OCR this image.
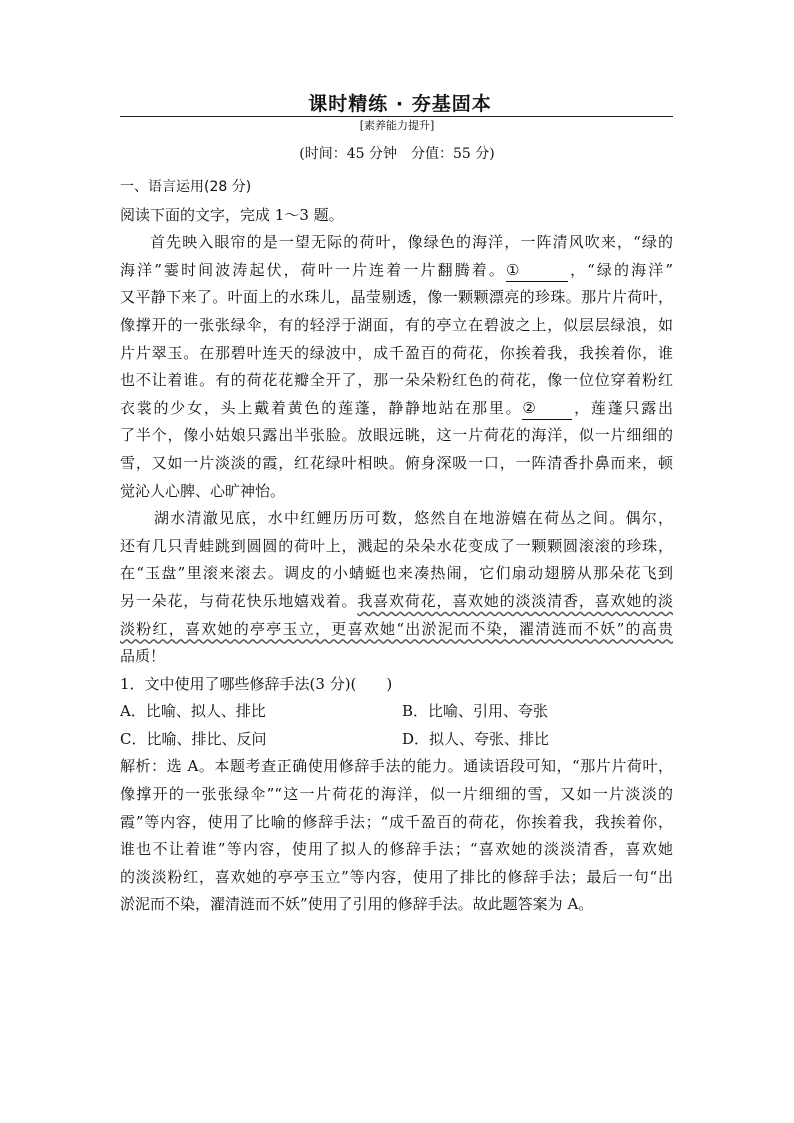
课时精练 · 夯基固本
[素养能力提升]
(时间：45 分钟　分值：55 分)
一、语言运用(28 分)
阅读下面的文字，完成 1～3 题。
首先映入眼帘的是一望无际的荷叶，像绿色的海洋，一阵清风吹来，“绿的
海洋”霎时间波涛起伏，荷叶一片连着一片翻腾着。①	，“绿的海洋”
又平静下来了。叶面上的水珠儿，晶莹剔透，像一颗颗漂亮的珍珠。那片片荷叶，
像撑开的一张张绿伞，有的轻浮于湖面，有的亭立在碧波之上，似层层绿浪，如
片片翠玉。在那碧叶连天的绿波中，成千盈百的荷花，你挨着我，我挨着你，谁
也不让着谁。有的荷花花瓣全开了，那一朵朵粉红色的荷花，像一位位穿着粉红
衣裳的少女，头上戴着黄色的莲蓬，静静地站在那里。② ，莲蓬只露出
了半个，像小姑娘只露出半张脸。放眼远眺，这一片荷花的海洋，似一片细细的
雪，又如一片淡淡的霞，红花绿叶相映。俯身深吸一口，一阵清香扑鼻而来，顿
觉沁人心脾、心旷神怡。
湖水清澈见底，水中红鲤历历可数，悠然自在地游嬉在荷丛之间。偶尔，
还有几只青蛙跳到圆圆的荷叶上，溅起的朵朵水花变成了一颗颗圆滚滚的珍珠，
在“玉盘”里滚来滚去。调皮的小蜻蜓也来凑热闹，它们扇动翅膀从那朵花飞到
另一朵花，与荷花快乐地嬉戏着。我喜欢荷花，喜欢她的淡淡清香，喜欢她的淡
淡粉红，喜欢她的亭亭玉立，更喜欢她“出淤泥而不染，濯清涟而不妖”的高贵
品质！
1．文中使用了哪些修辞手法(3 分)(　　)
A．比喻、拟人、排比	B．比喻、引用、夸张
C．比喻、排比、反问	D．拟人、夸张、排比
解析：选 A。本题考查正确使用修辞手法的能力。通读语段可知，“那片片荷叶，
像撑开的一张张绿伞”“这一片荷花的海洋，似一片细细的雪，又如一片淡淡的
霞”等内容，使用了比喻的修辞手法；“成千盈百的荷花，你挨着我，我挨着你，
谁也不让着谁”等内容，使用了拟人的修辞手法；“喜欢她的淡淡清香，喜欢她
的淡淡粉红，喜欢她的亭亭玉立”等内容，使用了排比的修辞手法；最后一句“出
淤泥而不染，濯清涟而不妖”使用了引用的修辞手法。故此题答案为 A。
